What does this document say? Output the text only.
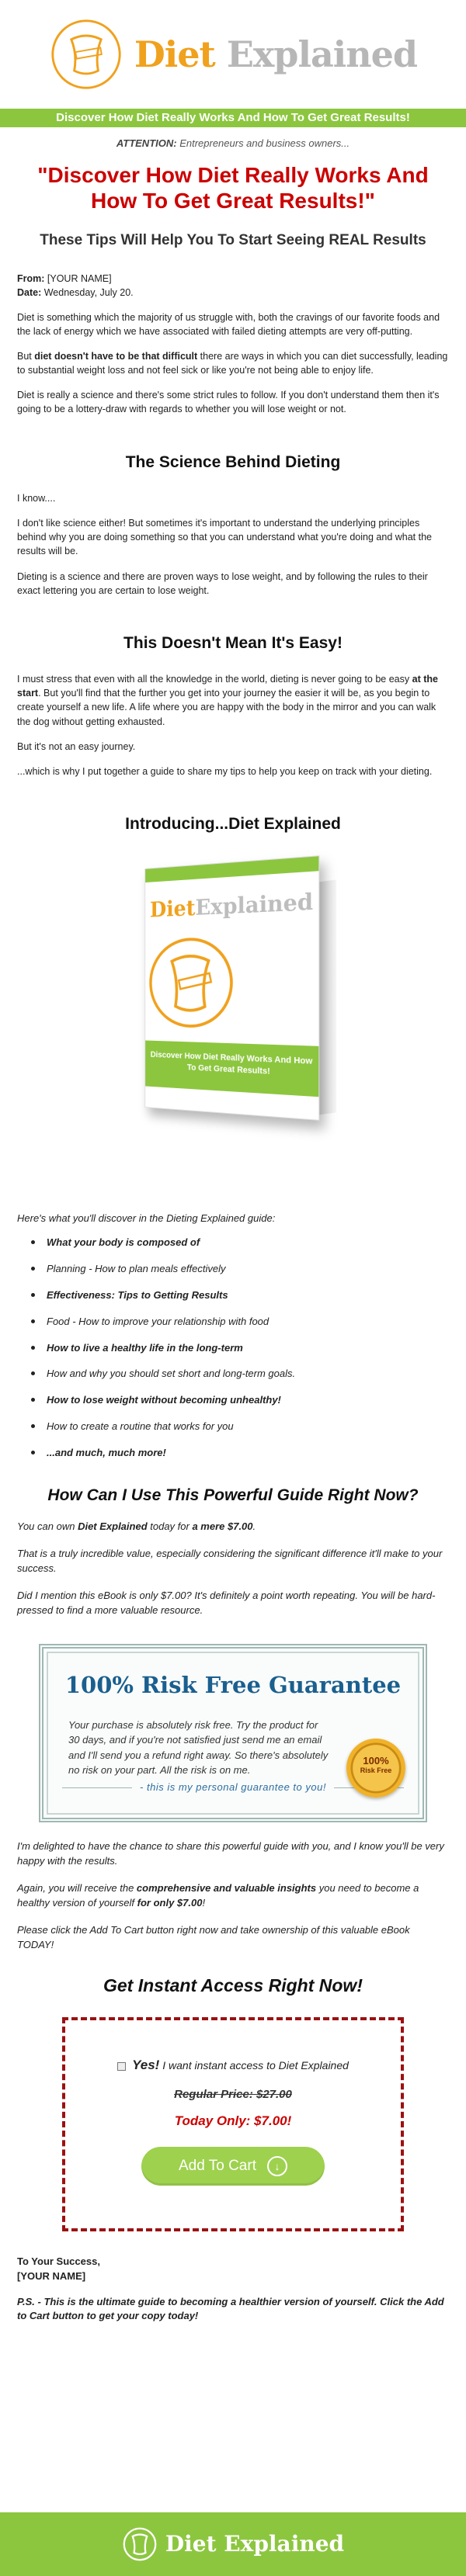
Diet Explained
Discover How Diet Really Works And How To Get Great Results!
ATTENTION: Entrepreneurs and business owners...
"Discover How Diet Really Works And How To Get Great Results!"
These Tips Will Help You To Start Seeing REAL Results
From: [YOUR NAME]
Date: Wednesday, July 20.

Diet is something which the majority of us struggle with, both the cravings of our favorite foods and the lack of energy which we have associated with failed dieting attempts are very off-putting.

But diet doesn't have to be that difficult there are ways in which you can diet successfully, leading to substantial weight loss and not feel sick or like you're not being able to enjoy life.

Diet is really a science and there's some strict rules to follow. If you don't understand them then it's going to be a lottery-draw with regards to whether you will lose weight or not.

The Science Behind Dieting

I know....

I don't like science either! But sometimes it's important to understand the underlying principles behind why you are doing something so that you can understand what you're doing and what the results will be.

Dieting is a science and there are proven ways to lose weight, and by following the rules to their exact lettering you are certain to lose weight.

This Doesn't Mean It's Easy!

I must stress that even with all the knowledge in the world, dieting is never going to be easy at the start. But you'll find that the further you get into your journey the easier it will be, as you begin to create yourself a new life. A life where you are happy with the body in the mirror and you can walk the dog without getting exhausted.

But it's not an easy journey.

...which is why I put together a guide to share my tips to help you keep on track with your dieting.

Introducing...Diet Explained
DietExplained
Discover How Diet Really Works And How To Get Great Results!
Here's what you'll discover in the Dieting Explained guide:
What your body is composed of
Planning - How to plan meals effectively
Effectiveness: Tips to Getting Results
Food - How to improve your relationship with food
How to live a healthy life in the long-term
How and why you should set short and long-term goals.
How to lose weight without becoming unhealthy!
How to create a routine that works for you
...and much, much more!
How Can I Use This Powerful Guide Right Now?

You can own Diet Explained today for a mere $7.00.

That is a truly incredible value, especially considering the significant difference it'll make to your success.

Did I mention this eBook is only $7.00? It's definitely a point worth repeating. You will be hard-pressed to find a more valuable resource.

100% Risk Free Guarantee
Your purchase is absolutely risk free. Try the product for 30 days, and if you're not satisfied just send me an email and I'll send you a refund right away. So there's absolutely no risk on your part. All the risk is on me.
- this is my personal guarantee to you!
100%
Risk Free

I'm delighted to have the chance to share this powerful guide with you, and I know you'll be very happy with the results.

Again, you will receive the comprehensive and valuable insights you need to become a healthy version of yourself for only $7.00!

Please click the Add To Cart button right now and take ownership of this valuable eBook TODAY!

Get Instant Access Right Now!
Yes! I want instant access to Diet Explained
Regular Price: $27.00
Today Only: $7.00!
Add To Cart	↓
To Your Success,
[YOUR NAME]

P.S. - This is the ultimate guide to becoming a healthier version of yourself. Click the Add to Cart button to get your copy today!

Diet Explained
